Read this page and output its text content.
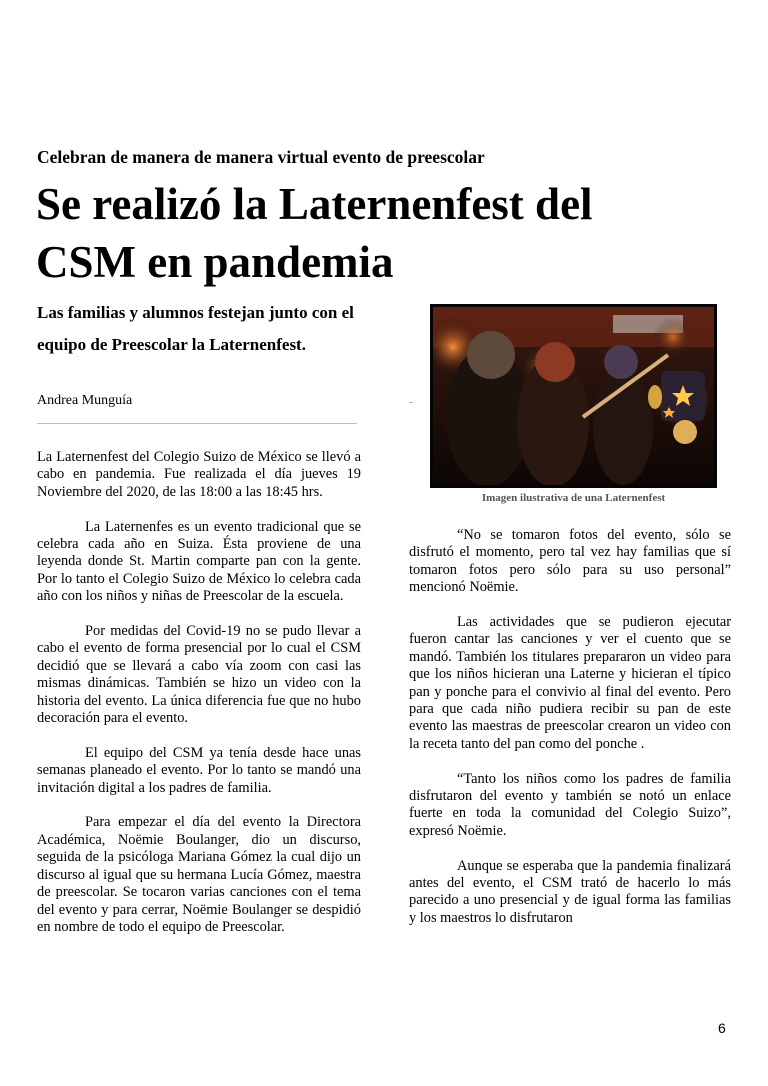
Celebran de manera de manera virtual evento de preescolar
Se realizó la Laternenfest del CSM en pandemia

Las familias y alumnos festejan junto con el equipo de Preescolar la Laternenfest.

Andrea Munguía	-
Imagen ilustrativa de una Laternenfest

La Laternenfest del Colegio Suizo de México se llevó a cabo en pandemia. Fue realizada el día jueves 19 Noviembre del 2020, de las 18:00 a las 18:45 hrs.

La Laternenfes es un evento tradicional que se celebra cada año en Suiza. Ésta proviene de una leyenda donde St. Martin comparte pan con la gente. Por lo tanto el Colegio Suizo de México lo celebra cada año con los niños y niñas de Preescolar de la escuela.

Por medidas del Covid-19 no se pudo llevar a cabo el evento de forma presencial por lo cual el CSM decidió que se llevará a cabo vía zoom con casi las mismas dinámicas. También se hizo un video con la historia del evento. La única diferencia fue que no hubo decoración para el evento.

El equipo del CSM ya tenía desde hace unas semanas planeado el evento. Por lo tanto se mandó una invitación digital a los padres de familia.

Para empezar el día del evento la Directora Académica, Noëmie Boulanger, dio un discurso, seguida de la psicóloga Mariana Gómez la cual dijo un discurso al igual que su hermana Lucía Gómez, maestra de preescolar. Se tocaron varias canciones con el tema del evento y para cerrar, Noëmie Boulanger se despidió en nombre de todo el equipo de Preescolar.

“No se tomaron fotos del evento, sólo se disfrutó el momento, pero tal vez hay familias que sí tomaron fotos pero sólo para su uso personal” mencionó Noëmie.

Las actividades que se pudieron ejecutar fueron cantar las canciones y ver el cuento que se mandó. También los titulares prepararon un video para que los niños hicieran una Laterne y hicieran el típico pan y ponche para el convivio al final del evento. Pero para que cada niño pudiera recibir su pan de este evento las maestras de preescolar crearon un video con la receta tanto del pan como del ponche .

“Tanto los niños como los padres de familia disfrutaron del evento y también se notó un enlace fuerte en toda la comunidad del Colegio Suizo”, expresó Noëmie.

Aunque se esperaba que la pandemia finalizará antes del evento, el CSM trató de hacerlo lo más parecido a uno presencial y de igual forma las familias y los maestros lo disfrutaron

6
